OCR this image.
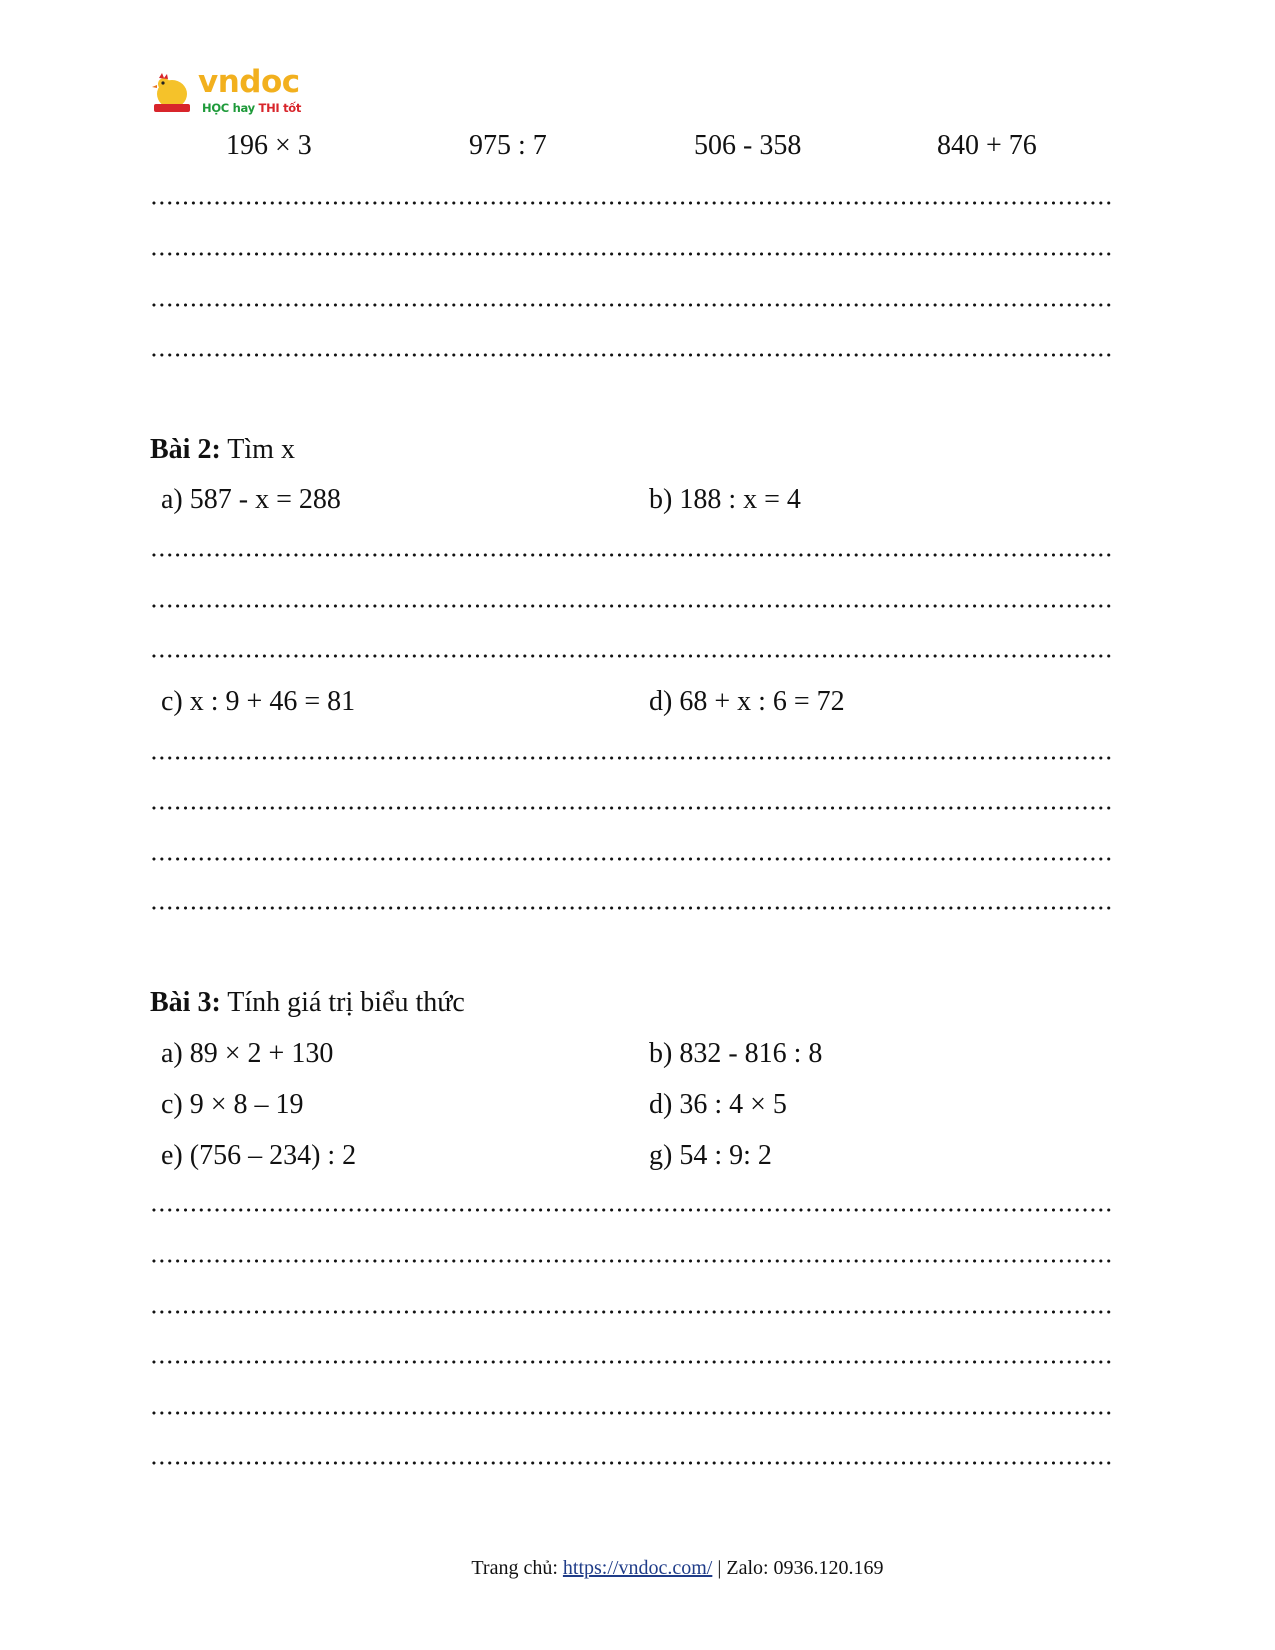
vndoc
HỌC hay THI tốt
196 × 3	975 : 7	506 - 358	840 + 76
Bài 2: Tìm x
a) 587 - x = 288	b) 188 : x = 4
c) x : 9 + 46 = 81	d) 68 + x : 6 = 72
Bài 3: Tính giá trị biểu thức
a) 89 × 2 + 130	b) 832 - 816 : 8
c) 9 × 8 – 19	d) 36 : 4 × 5
e) (756 – 234) : 2	g) 54 : 9: 2
Trang chủ: https://vndoc.com/ | Zalo: 0936.120.169
